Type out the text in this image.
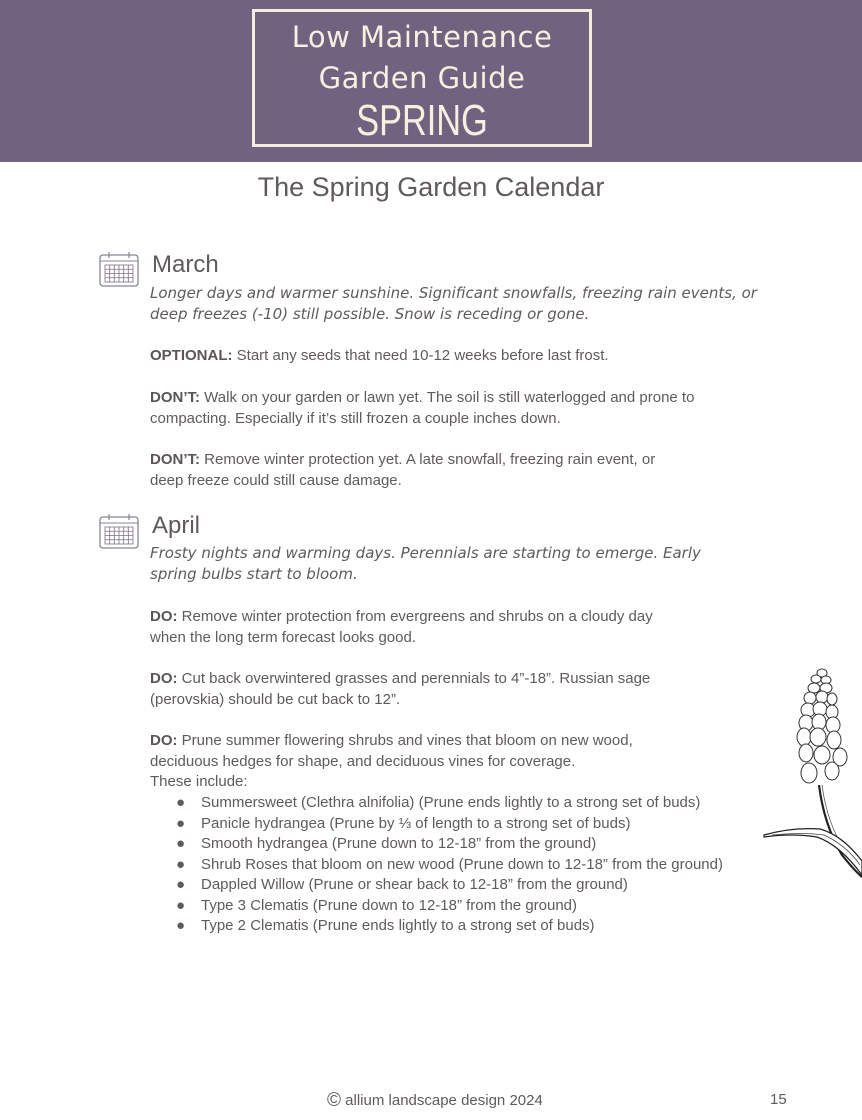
Low Maintenance
Garden Guide
SPRING
The Spring Garden Calendar
March
Longer days and warmer sunshine. Significant snowfalls, freezing rain events, or deep freezes (-10) still possible. Snow is receding or gone.
OPTIONAL: Start any seeds that need 10-12 weeks before last frost.
DON’T: Walk on your garden or lawn yet. The soil is still waterlogged and prone to compacting. Especially if it’s still frozen a couple inches down.
DON’T: Remove winter protection yet. A late snowfall, freezing rain event, or deep freeze could still cause damage.
April
Frosty nights and warming days. Perennials are starting to emerge. Early spring bulbs start to bloom.
DO: Remove winter protection from evergreens and shrubs on a cloudy day when the long term forecast looks good.
DO: Cut back overwintered grasses and perennials to 4”-18”. Russian sage (perovskia) should be cut back to 12”.
DO: Prune summer flowering shrubs and vines that bloom on new wood, deciduous hedges for shape, and deciduous vines for coverage.
These include:
● Summersweet (Clethra alnifolia) (Prune ends lightly to a strong set of buds)
● Panicle hydrangea (Prune by ⅓ of length to a strong set of buds)
● Smooth hydrangea (Prune down to 12-18” from the ground)
● Shrub Roses that bloom on new wood (Prune down to 12-18” from the ground)
● Dappled Willow (Prune or shear back to 12-18” from the ground)
● Type 3 Clematis (Prune down to 12-18” from the ground)
● Type 2 Clematis (Prune ends lightly to a strong set of buds)
© allium landscape design 2024	15
